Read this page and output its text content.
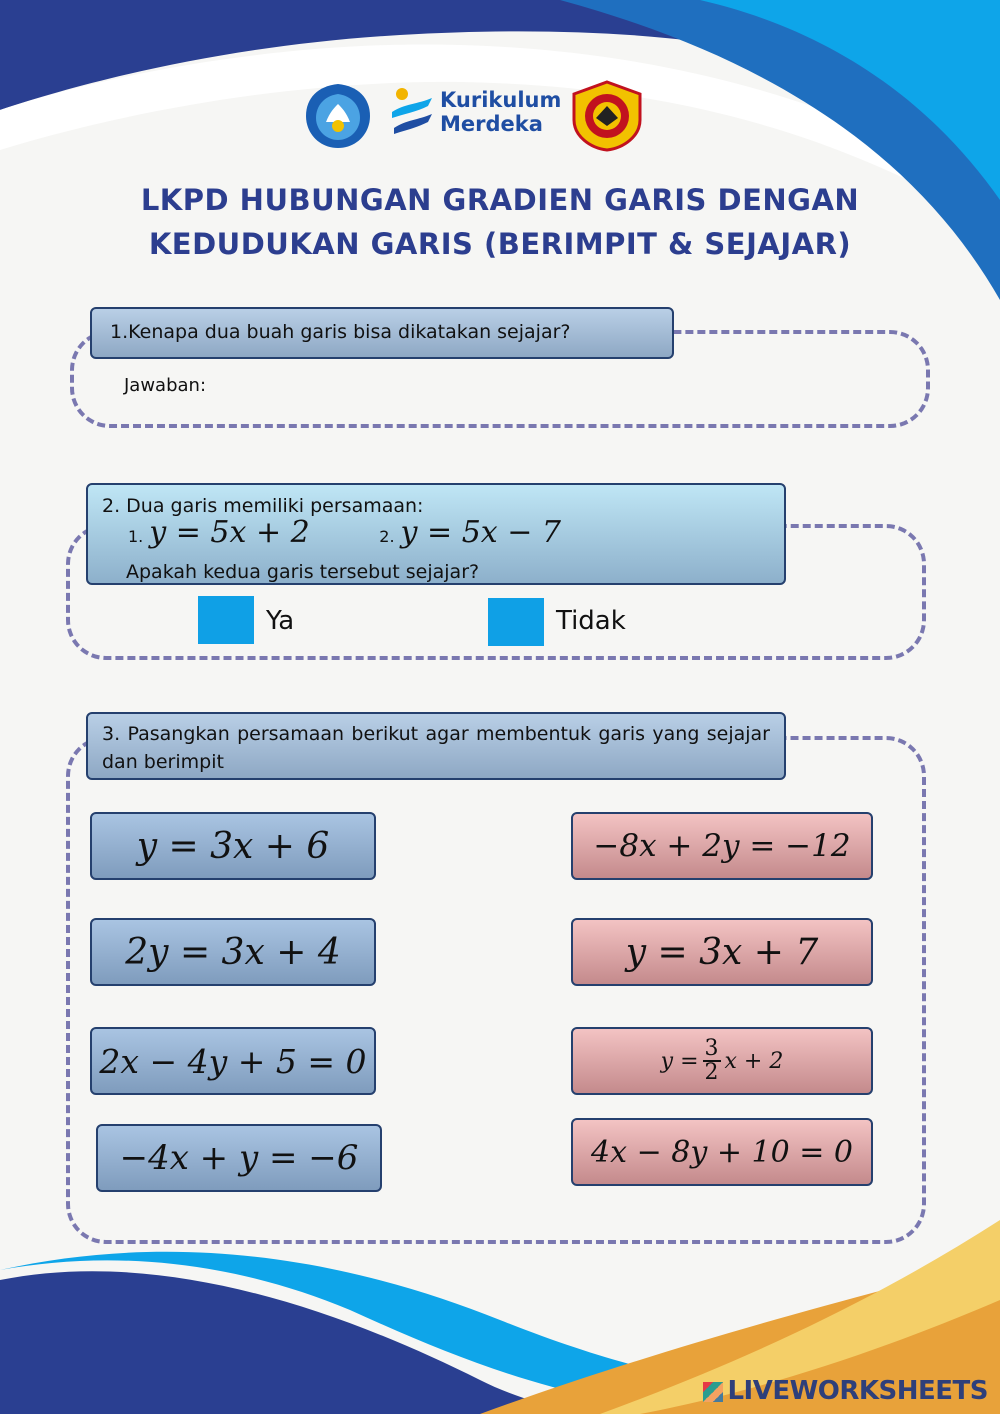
Kurikulum
Merdeka
LKPD HUBUNGAN GRADIEN GARIS DENGAN
KEDUDUKAN GARIS (BERIMPIT & SEJAJAR)
1.Kenapa dua buah garis bisa dikatakan sejajar?
Jawaban:
2. Dua garis memiliki persamaan:
1. y = 5x + 2	2. y = 5x − 7
Apakah kedua garis tersebut sejajar?
Ya	Tidak
3. Pasangkan persamaan berikut agar membentuk garis yang sejajar dan berimpit
y = 3x + 6
2y = 3x + 4
2x − 4y + 5 = 0
−4x + y = −6
−8x + 2y = −12
y = 3x + 7
$y = \frac{3}{2}$ x + 2
4x − 8y + 10 = 0
LIVEWORKSHEETS
